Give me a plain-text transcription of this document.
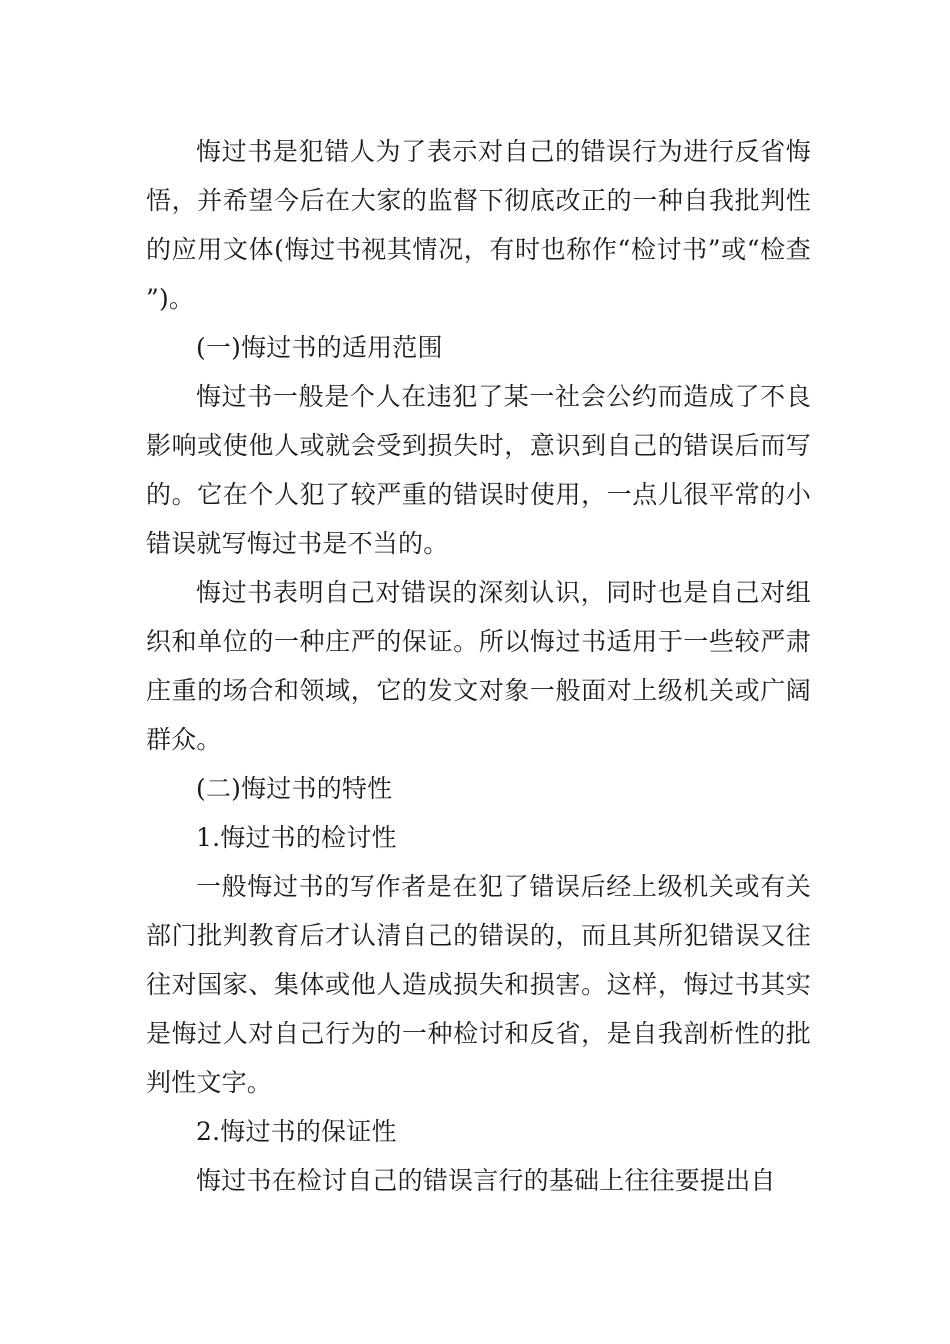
悔过书是犯错人为了表示对自己的错误行为进行反省悔悟，并希望今后在大家的监督下彻底改正的一种自我批判性的应用文体(悔过书视其情况，有时也称作“检讨书”或“检查 ”)。

(一)悔过书的适用范围

悔过书一般是个人在违犯了某一社会公约而造成了不良影响或使他人或就会受到损失时，意识到自己的错误后而写的。它在个人犯了较严重的错误时使用，一点儿很平常的小错误就写悔过书是不当的。

悔过书表明自己对错误的深刻认识，同时也是自己对组织和单位的一种庄严的保证。所以悔过书适用于一些较严肃庄重的场合和领域，它的发文对象一般面对上级机关或广阔群众。

(二)悔过书的特性

1.悔过书的检讨性

一般悔过书的写作者是在犯了错误后经上级机关或有关部门批判教育后才认清自己的错误的，而且其所犯错误又往往对国家、集体或他人造成损失和损害。这样，悔过书其实是悔过人对自己行为的一种检讨和反省，是自我剖析性的批判性文字。

2.悔过书的保证性

悔过书在检讨自己的错误言行的基础上往往要提出自
